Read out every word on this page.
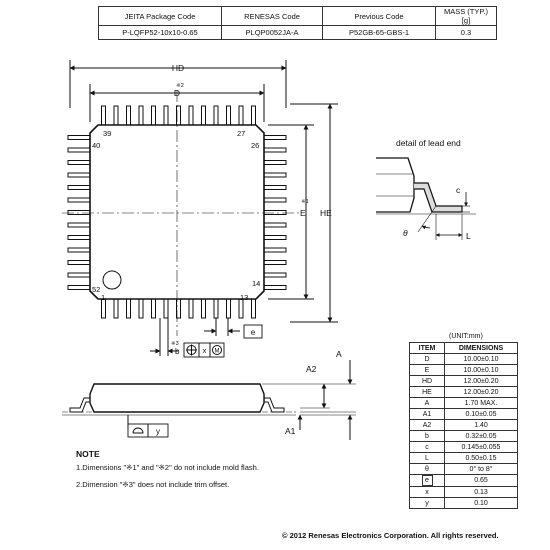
JEITA Package Code	RENESAS Code	Previous Code	MASS (TYP.) [g]
P-LQFP52-10x10-0.65	PLQP0052JA-A	P52GB-65-GBS-1	0.3
HD
※2
D
※1
E HE
39	27
40	26
52
1	13
14
e
※3
b	x M	A
A2
A1
y
detail of lead end
c
L
θ
(UNIT:mm)
ITEM	DIMENSIONS
D	10.00±0.10
E	10.00±0.10
HD	12.00±0.20
HE	12.00±0.20
A	1.70 MAX.
A1	0.10±0.05
A2	1.40
b	0.32±0.05
c	0.145±0.055
L	0.50±0.15
θ	0° to 8°
e	0.65
x	0.13
y	0.10
NOTE
1.Dimensions "※1" and "※2" do not include mold flash.
2.Dimension "※3" does not include trim offset.
© 2012 Renesas Electronics Corporation. All rights reserved.
